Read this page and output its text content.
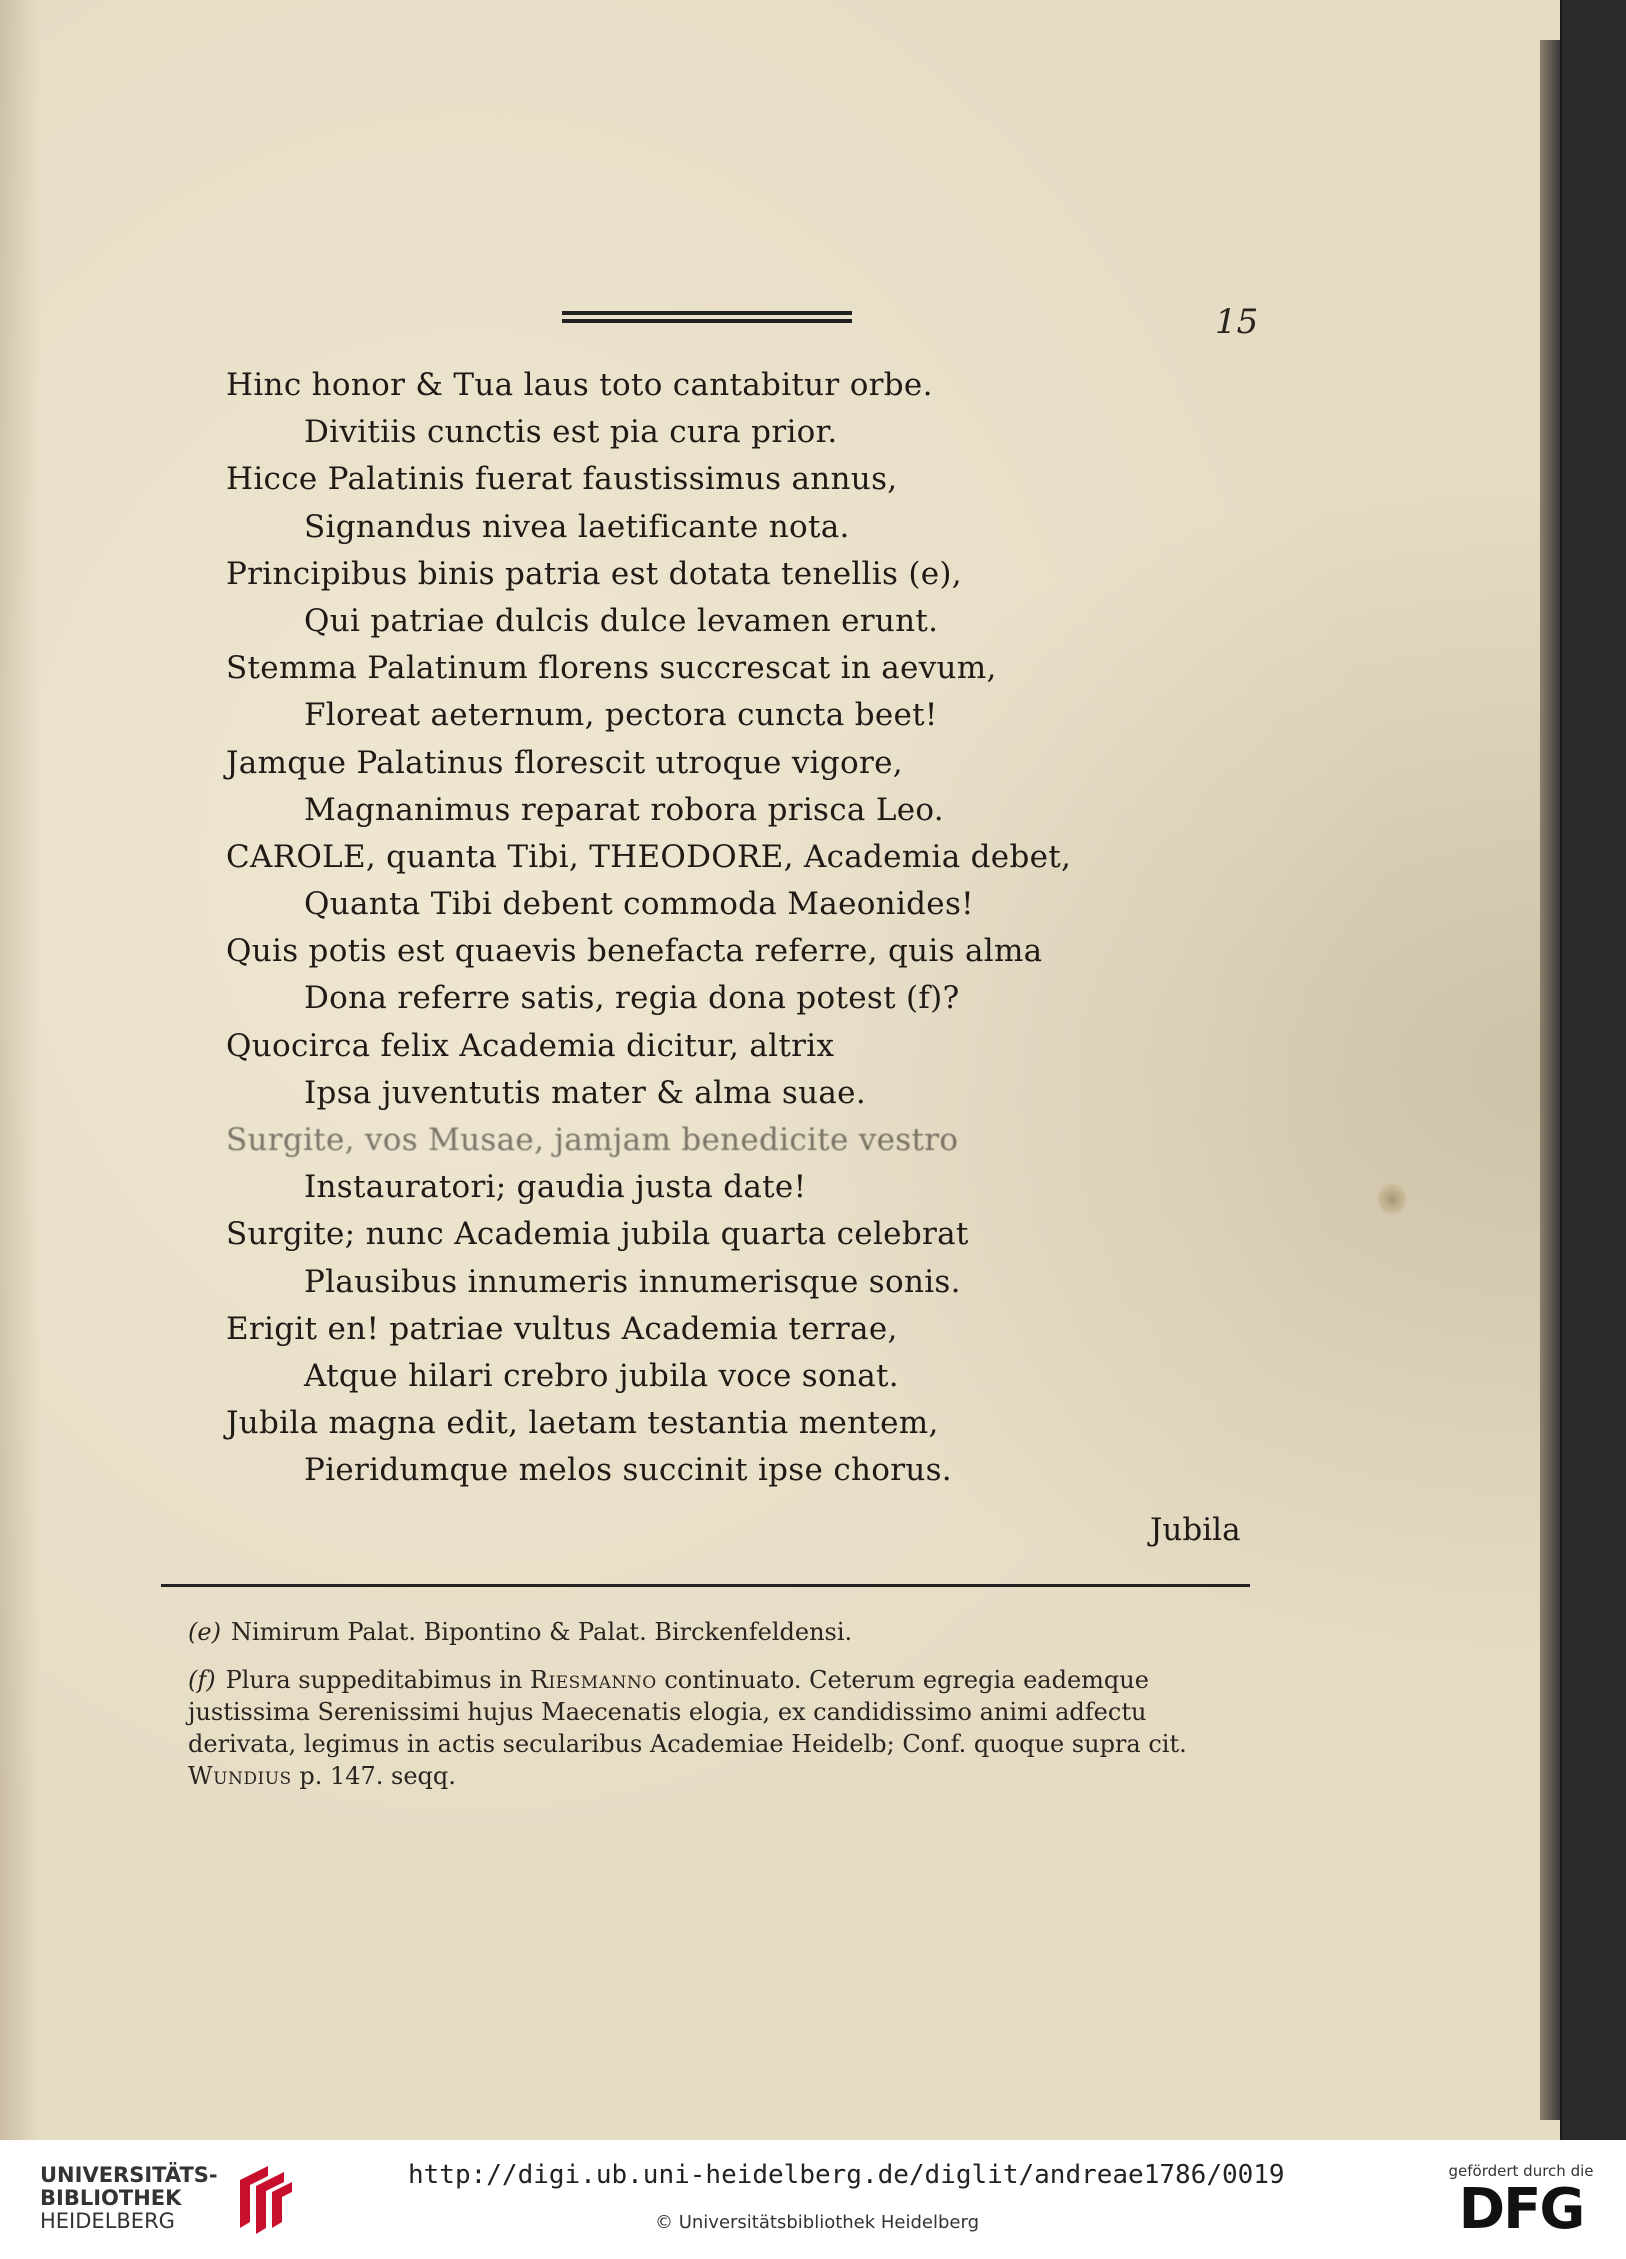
15
Hinc honor & Tua laus toto cantabitur orbe.
Divitiis cunctis est pia cura prior.
Hicce Palatinis fuerat faustissimus annus,
Signandus nivea laetificante nota.
Principibus binis patria est dotata tenellis (e),
Qui patriae dulcis dulce levamen erunt.
Stemma Palatinum florens succrescat in aevum,
Floreat aeternum, pectora cuncta beet!
Jamque Palatinus florescit utroque vigore,
Magnanimus reparat robora prisca Leo.
CAROLE, quanta Tibi, THEODORE, Academia debet,
Quanta Tibi debent commoda Maeonides!
Quis potis est quaevis benefacta referre, quis alma
Dona referre satis, regia dona potest (f)?
Quocirca felix Academia dicitur, altrix
Ipsa juventutis mater & alma suae.
Surgite, vos Musae, jamjam benedicite vestro
Instauratori; gaudia justa date!
Surgite; nunc Academia jubila quarta celebrat
Plausibus innumeris innumerisque sonis.
Erigit en! patriae vultus Academia terrae,
Atque hilari crebro jubila voce sonat.
Jubila magna edit, laetam testantia mentem,
Pieridumque melos succinit ipse chorus.
Jubila
(e) Nimirum Palat. Bipontino & Palat. Birckenfeldensi.
(f) Plura suppeditabimus in Riesmanno continuato. Ceterum egregia eademque justissima Serenissimi hujus Maecenatis elogia, ex candidissimo animi adfectu derivata, legimus in actis secularibus Academiae Heidelb; Conf. quoque supra cit. Wundius p. 147. seqq.
UNIVERSITÄTS-
BIBLIOTHEK
HEIDELBERG
http://digi.ub.uni-heidelberg.de/diglit/andreae1786/0019
© Universitätsbibliothek Heidelberg
gefördert durch die
DFG
